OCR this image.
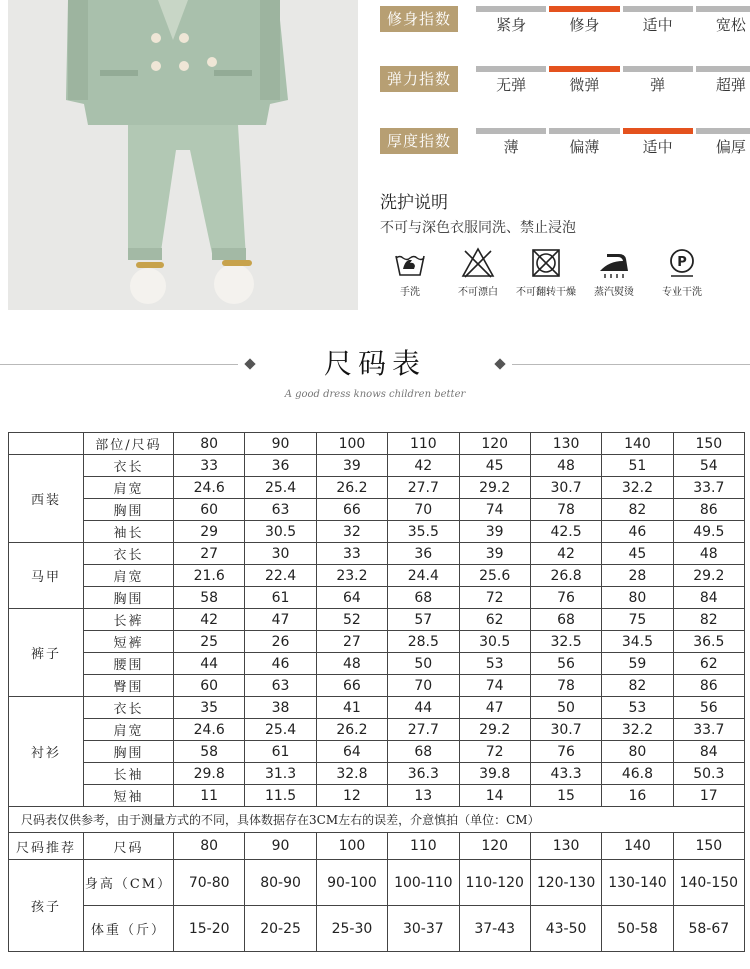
修身指数	紧身	修身	适中	宽松
弹力指数	无弹	微弹	弹	超弹
厚度指数	薄	偏薄	适中	偏厚
洗护说明
不可与深色衣服同洗、禁止浸泡
手洗	不可漂白 不可翻转干燥 蒸汽熨烫
P
专业干洗
尺码表
A good dress knows children better
	部位/尺码	80	90	100	110	120	130	140	150
西装	衣长	33	36	39	42	45	48	51	54
	肩宽	24.6	25.4	26.2	27.7	29.2	30.7	32.2	33.7
	胸围	60	63	66	70	74	78	82	86
	袖长	29	30.5	32	35.5	39	42.5	46	49.5
马甲	衣长	27	30	33	36	39	42	45	48
	肩宽	21.6	22.4	23.2	24.4	25.6	26.8	28	29.2
	胸围	58	61	64	68	72	76	80	84
裤子	长裤	42	47	52	57	62	68	75	82
	短裤	25	26	27	28.5	30.5	32.5	34.5	36.5
	腰围	44	46	48	50	53	56	59	62
	臀围	60	63	66	70	74	78	82	86
衬衫	衣长	35	38	41	44	47	50	53	56
	肩宽	24.6	25.4	26.2	27.7	29.2	30.7	32.2	33.7
	胸围	58	61	64	68	72	76	80	84
	长袖	29.8	31.3	32.8	36.3	39.8	43.3	46.8	50.3
	短袖	11	11.5	12	13	14	15	16	17
尺码表仅供参考，由于测量方式的不同，具体数据存在3CM左右的误差，介意慎拍（单位：CM）									
尺码推荐	尺码	80	90	100	110	120	130	140	150
孩子	身高（CM）	70-80	80-90	90-100	100-110	110-120	120-130	130-140	140-150
	体重（斤）	15-20	20-25	25-30	30-37	37-43	43-50	50-58	58-67
